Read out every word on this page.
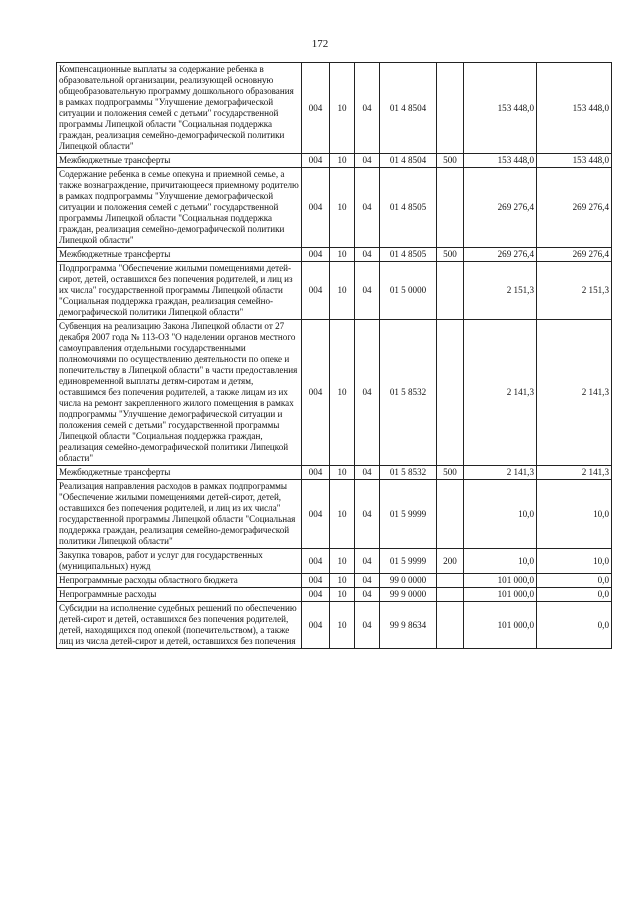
172
Компенсационные выплаты за содержание ребенка в образовательной организации, реализующей основную общеобразовательную программу дошкольного образования в рамках подпрограммы "Улучшение демографической ситуации и положения семей с детьми" государственной программы Липецкой области "Социальная поддержка граждан, реализация семейно-демографической политики Липецкой области"	004	10	04	01 4 8504		153 448,0	153 448,0
Межбюджетные трансферты	004	10	04	01 4 8504	500	153 448,0	153 448,0
Содержание ребенка в семье опекуна и приемной семье, а также вознаграждение, причитающееся приемному родителю в рамках подпрограммы "Улучшение демографической ситуации и положения семей с детьми" государственной программы Липецкой области "Социальная поддержка граждан, реализация семейно-демографической политики Липецкой области"	004	10	04	01 4 8505		269 276,4	269 276,4
Межбюджетные трансферты	004	10	04	01 4 8505	500	269 276,4	269 276,4
Подпрограмма "Обеспечение жилыми помещениями детей-сирот, детей, оставшихся без попечения родителей, и лиц из их числа" государственной программы Липецкой области "Социальная поддержка граждан, реализация семейно-демографической политики Липецкой области"	004	10	04	01 5 0000		2 151,3	2 151,3
Субвенция на реализацию Закона Липецкой области от 27 декабря 2007 года № 113-ОЗ "О наделении органов местного самоуправления отдельными государственными полномочиями по осуществлению деятельности по опеке и попечительству в Липецкой области" в части предоставления единовременной выплаты детям-сиротам и детям, оставшимся без попечения родителей, а также лицам из их числа на ремонт закрепленного жилого помещения в рамках подпрограммы "Улучшение демографической ситуации и положения семей с детьми" государственной программы Липецкой области "Социальная поддержка граждан, реализация семейно-демографической политики Липецкой области"	004	10	04	01 5 8532		2 141,3	2 141,3
Межбюджетные трансферты	004	10	04	01 5 8532	500	2 141,3	2 141,3
Реализация направления расходов в рамках подпрограммы "Обеспечение жилыми помещениями детей-сирот, детей, оставшихся без попечения родителей, и лиц из их числа" государственной программы Липецкой области "Социальная поддержка граждан, реализация семейно-демографической политики Липецкой области"	004	10	04	01 5 9999		10,0	10,0
Закупка товаров, работ и услуг для государственных (муниципальных) нужд	004	10	04	01 5 9999	200	10,0	10,0
Непрограммные расходы областного бюджета	004	10	04	99 0 0000		101 000,0	0,0
Непрограммные расходы	004	10	04	99 9 0000		101 000,0	0,0
Субсидии на исполнение судебных решений по обеспечению детей-сирот и детей, оставшихся без попечения родителей, детей, находящихся под опекой (попечительством), а также лиц из числа детей-сирот и детей, оставшихся без попечения	004	10	04	99 9 8634		101 000,0	0,0
